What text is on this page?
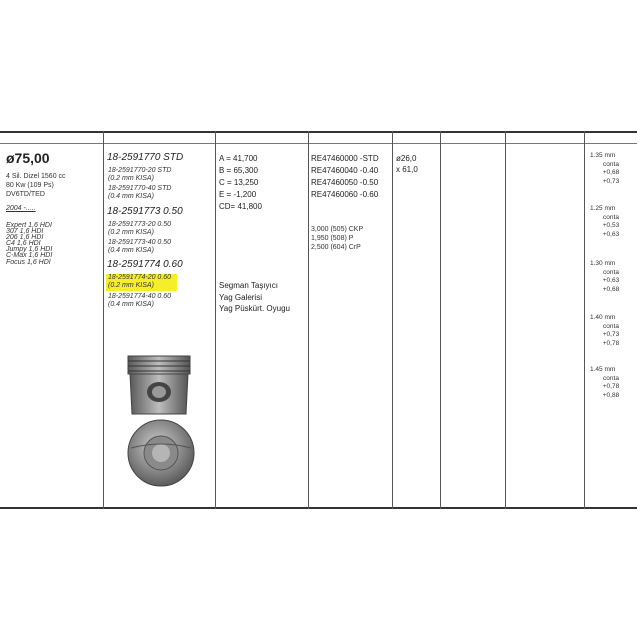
ø75,00
4 Sil. Dizel 1560 cc
80 Kw (109 Ps)
DV6TD/TED
2004 -.....
Expert 1,6 HDI
307 1,6 HDI
206 1,6 HDI
C4 1,6 HDI
Jumpy 1,6 HDI
C-Max 1,6 HDI
Focus 1,6 HDI
18-2591770 STD
18-2591770-20 STD
(0.2 mm KISA)
18-2591770-40 STD
(0.4 mm KISA)
18-2591773 0.50
18-2591773-20 0.50
(0.2 mm KISA)
18-2591773-40 0.50
(0.4 mm KISA)
18-2591774 0.60
18-2591774-20 0.60
(0.2 mm KISA)
18-2591774-40 0.60
(0.4 mm KISA)
A = 41,700
B = 65,300
C = 13,250
E = -1,200
CD= 41,800
Segman Taşıyıcı
Yag Galerisi
Yag Püskürt. Oyugu
RE47460000 -STD
RE47460040 -0.40
RE47460050 -0.50
RE47460060 -0.60
3,000 (505) CKP
1,950 (508) P
2,500 (604) CrP
ø26,0
x 61,0
1.35 mm
conta
+0,68
+0,73
1.25 mm
conta
+0,53
+0,63
1.30 mm
conta
+0,63
+0,68
1.40 mm
conta
+0,73
+0,78
1.45 mm
conta
+0,78
+0,88
